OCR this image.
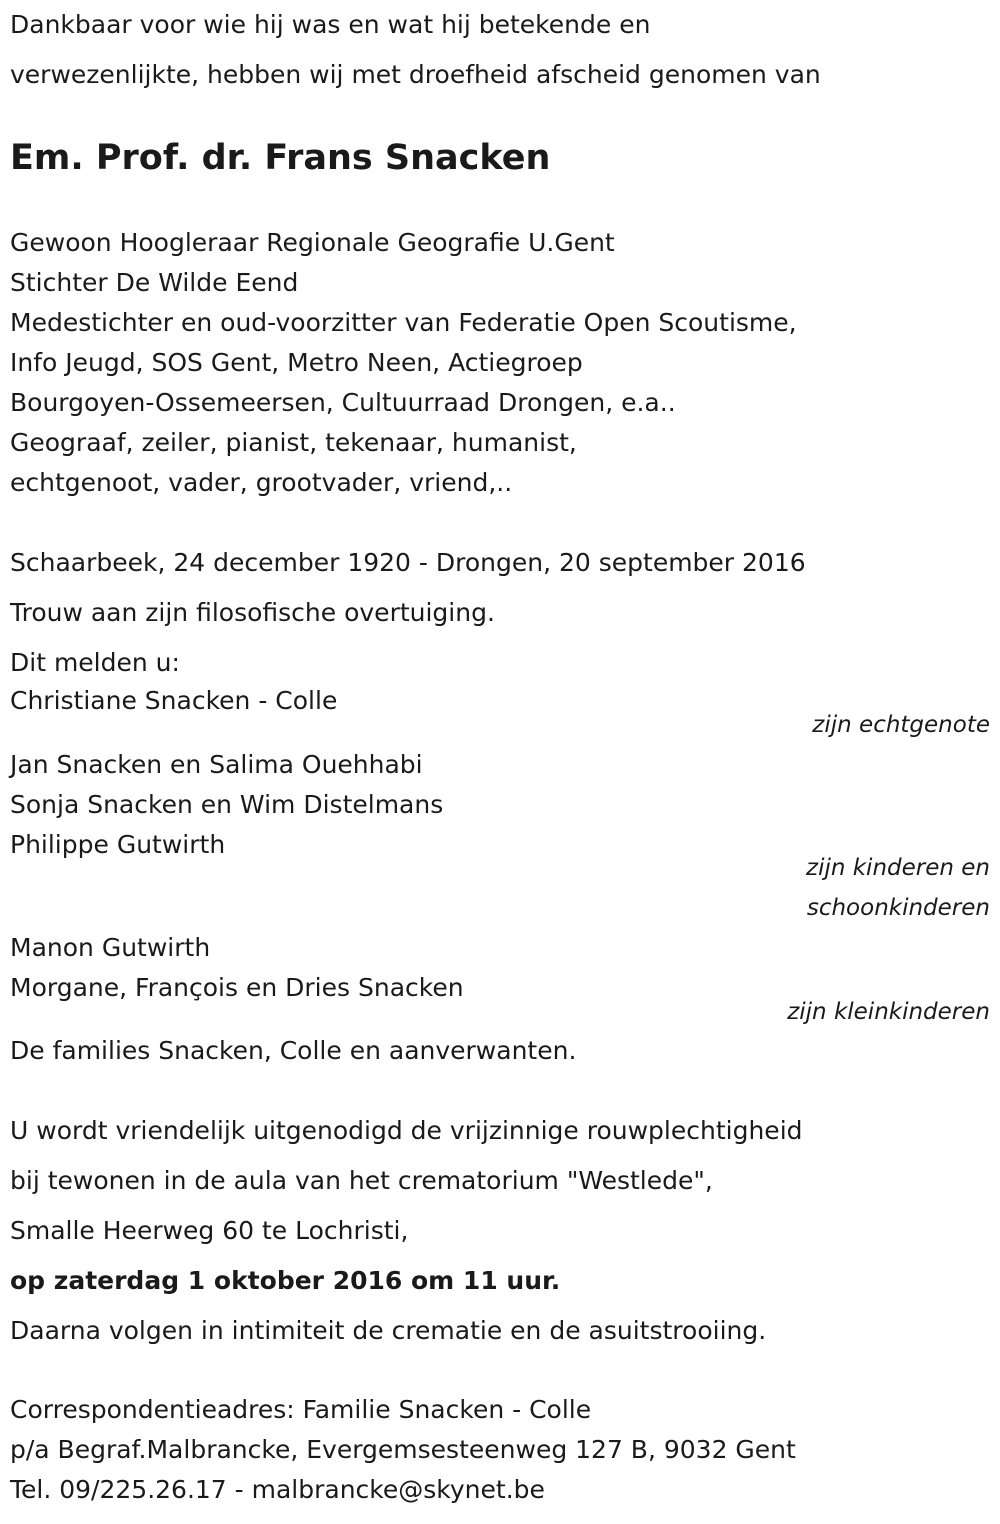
Dankbaar voor wie hij was en wat hij betekende en
verwezenlijkte, hebben wij met droefheid afscheid genomen van
Em. Prof. dr. Frans Snacken
Gewoon Hoogleraar Regionale Geografie U.Gent
Stichter De Wilde Eend
Medestichter en oud-voorzitter van Federatie Open Scoutisme,
Info Jeugd, SOS Gent, Metro Neen, Actiegroep
Bourgoyen-Ossemeersen, Cultuurraad Drongen, e.a..
Geograaf, zeiler, pianist, tekenaar, humanist,
echtgenoot, vader, grootvader, vriend,..
Schaarbeek, 24 december 1920 - Drongen, 20 september 2016
Trouw aan zijn filosofische overtuiging.
Dit melden u:
Christiane Snacken - Colle
zijn echtgenote
Jan Snacken en Salima Ouehhabi
Sonja Snacken en Wim Distelmans
Philippe Gutwirth
zijn kinderen en
schoonkinderen
Manon Gutwirth
Morgane, François en Dries Snacken
zijn kleinkinderen
De families Snacken, Colle en aanverwanten.
U wordt vriendelijk uitgenodigd de vrijzinnige rouwplechtigheid
bij tewonen in de aula van het crematorium "Westlede",
Smalle Heerweg 60 te Lochristi,
op zaterdag 1 oktober 2016 om 11 uur.
Daarna volgen in intimiteit de crematie en de asuitstrooiing.
Correspondentieadres: Familie Snacken - Colle
p/a Begraf.Malbrancke, Evergemsesteenweg 127 B, 9032 Gent
Tel. 09/225.26.17 - malbrancke@skynet.be
